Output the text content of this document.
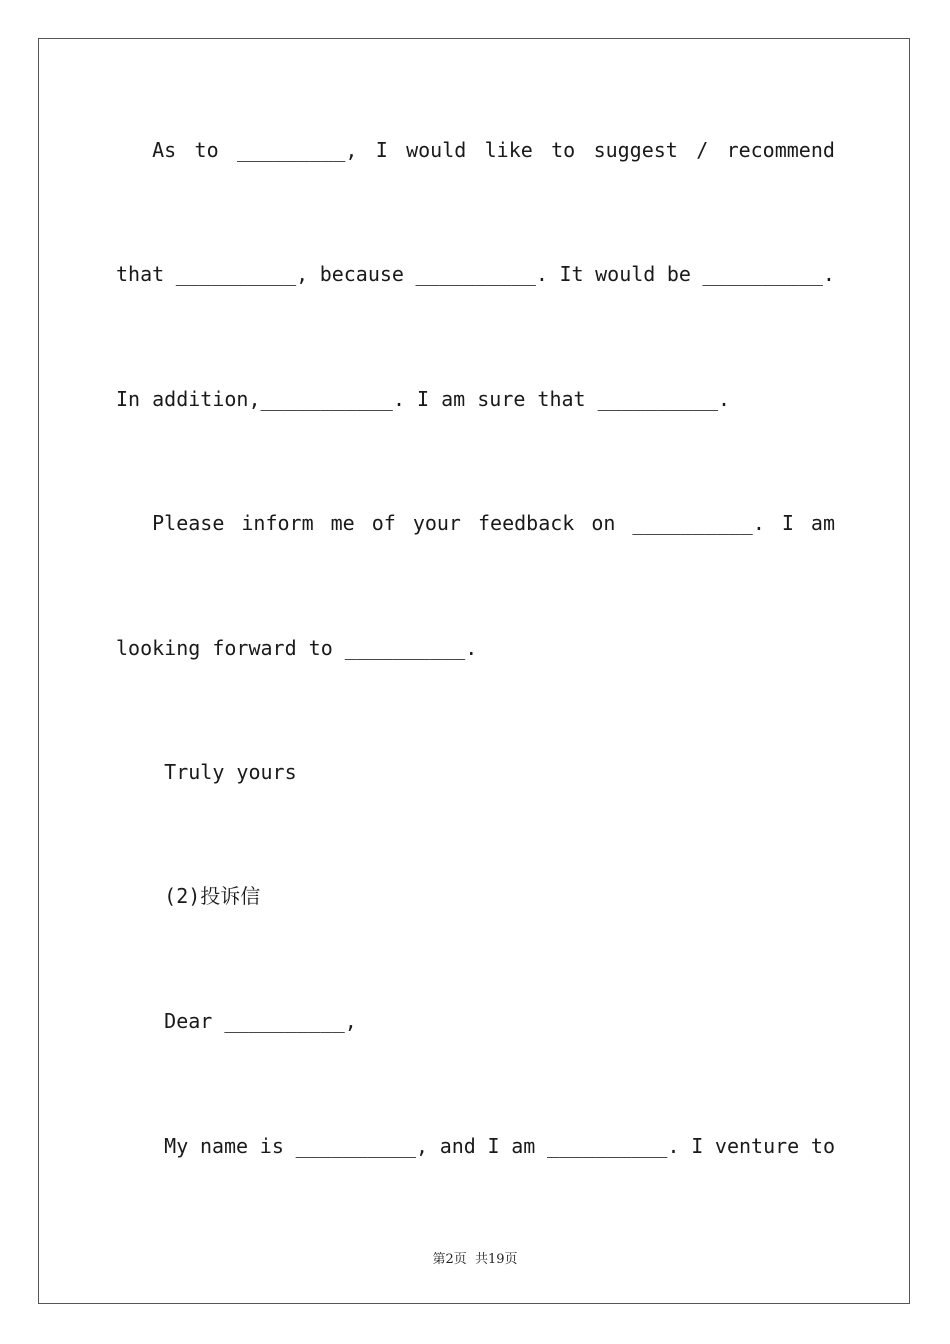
As to _________, I would like to suggest / recommend
that __________, because __________. It would be __________.
In addition,___________. I am sure that __________.
Please inform me of your feedback on __________. I am
looking forward to __________.
Truly yours
(2)投诉信
Dear __________,
My name is __________, and I am __________. I venture to
第2页  共19页
